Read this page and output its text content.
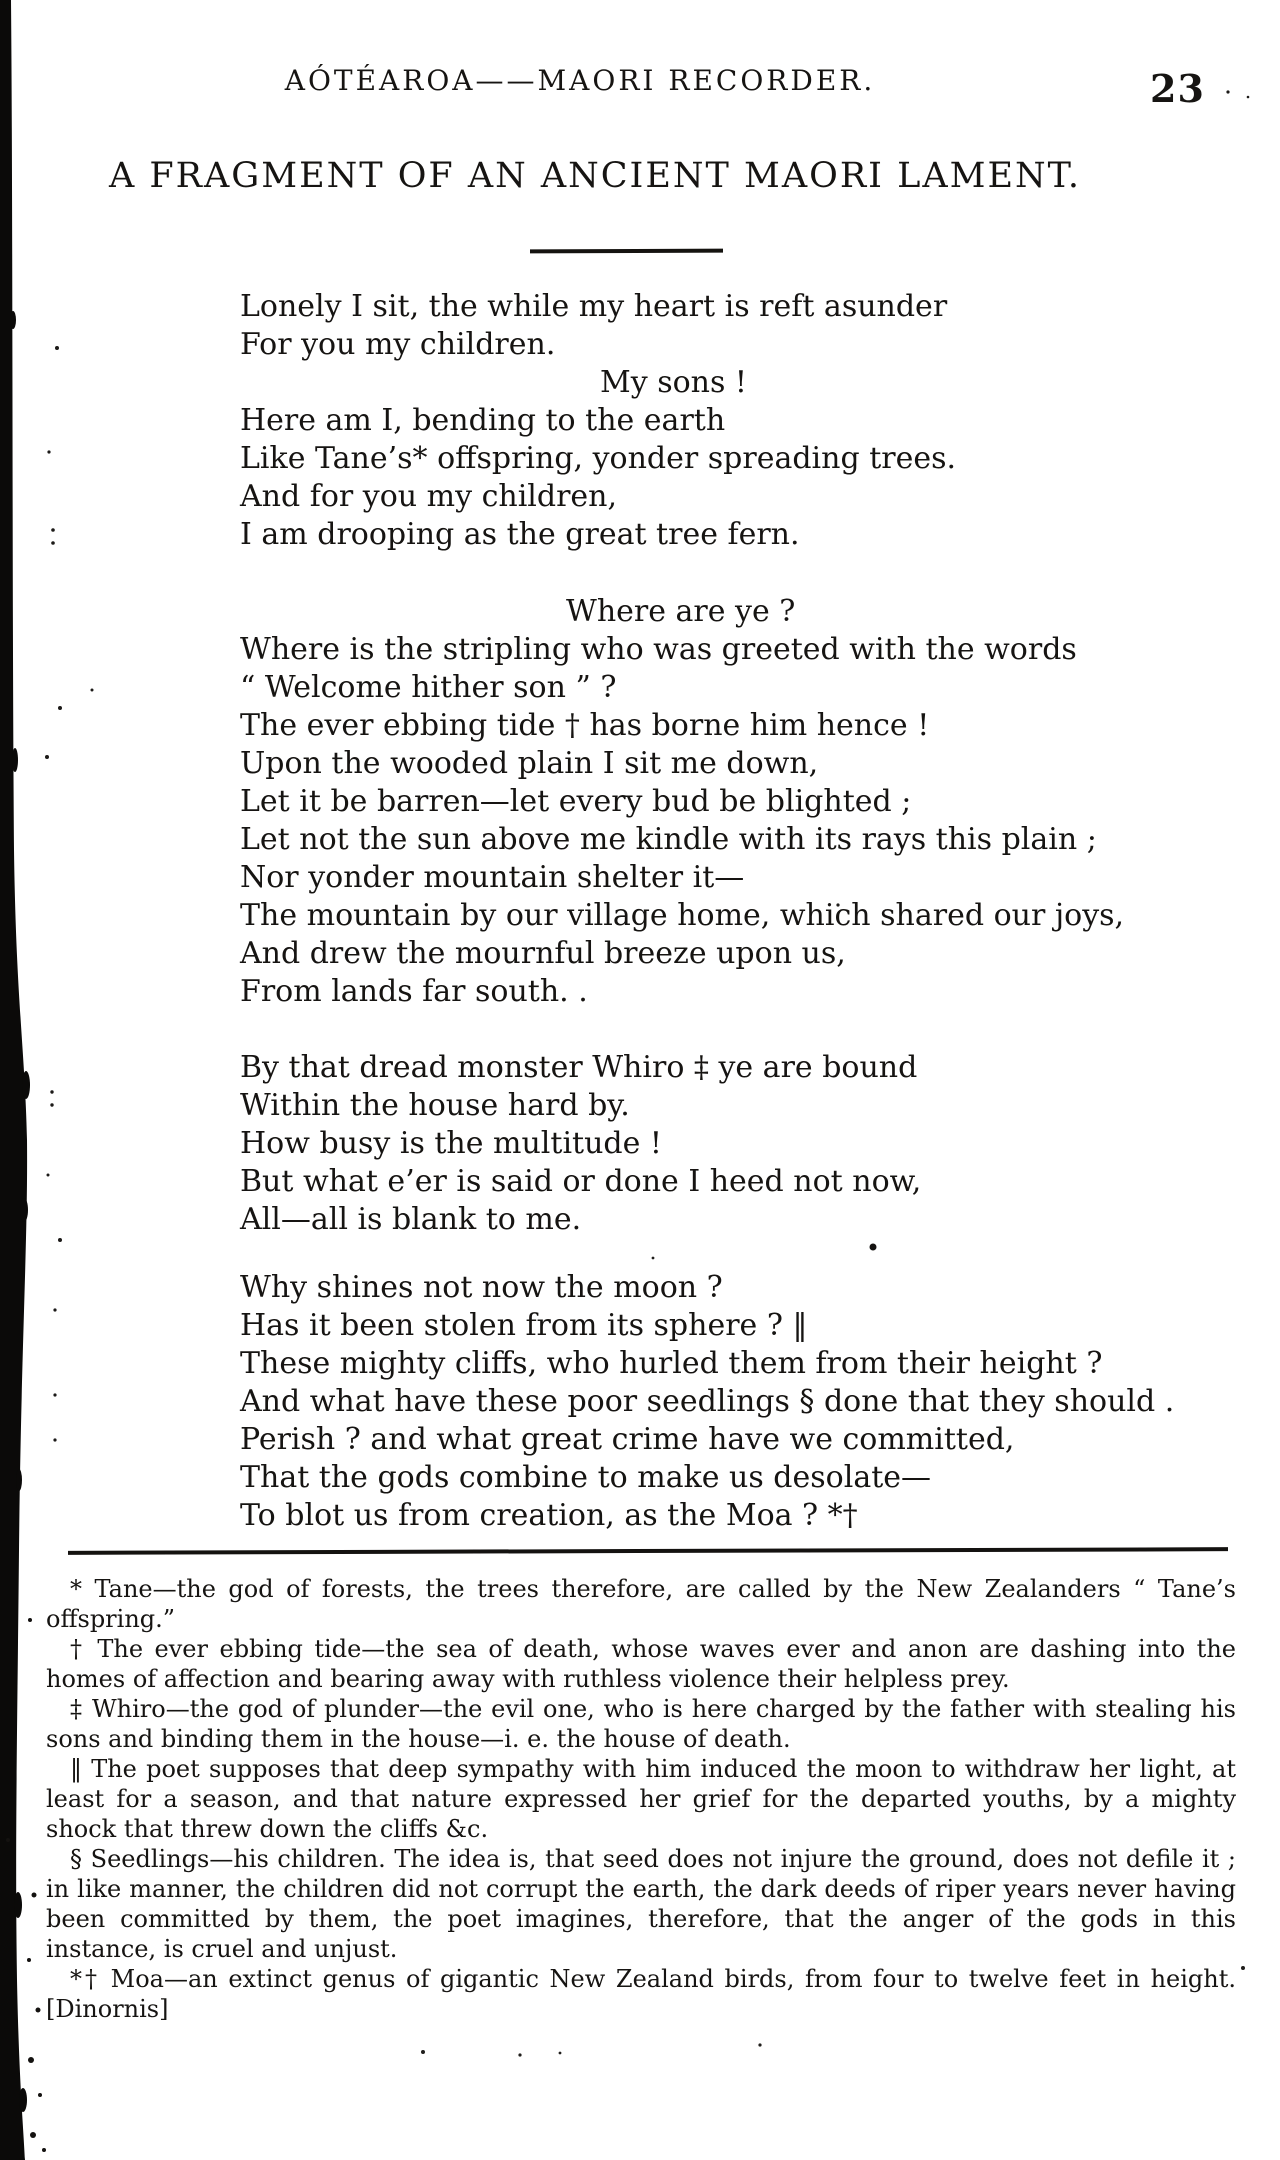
AÓTÉAROA——MAORI RECORDER.	23
A FRAGMENT OF AN ANCIENT MAORI LAMENT.
Lonely I sit, the while my heart is reft asunder
For you my children.
My sons !
Here am I, bending to the earth
Like Tane’s* offspring, yonder spreading trees.
And for you my children,
I am drooping as the great tree fern.
Where are ye ?
Where is the stripling who was greeted with the words
“ Welcome hither son ” ?
The ever ebbing tide † has borne him hence !
Upon the wooded plain I sit me down,
Let it be barren—let every bud be blighted ;
Let not the sun above me kindle with its rays this plain ;
Nor yonder mountain shelter it—
The mountain by our village home, which shared our joys,
And drew the mournful breeze upon us,
From lands far south. .
By that dread monster Whiro ‡ ye are bound
Within the house hard by.
How busy is the multitude !
But what e’er is said or done I heed not now,
All—all is blank to me.
Why shines not now the moon ?
Has it been stolen from its sphere ? ‖
These mighty cliffs, who hurled them from their height ?
And what have these poor seedlings § done that they should .
Perish ? and what great crime have we committed,
That the gods combine to make us desolate—
To blot us from creation, as the Moa ? *†

* Tane—the god of forests, the trees therefore, are called by the New Zealanders “ Tane’s offspring.”

† The ever ebbing tide—the sea of death, whose waves ever and anon are dashing into the homes of affection and bearing away with ruthless violence their helpless prey.

‡ Whiro—the god of plunder—the evil one, who is here charged by the father with stealing his sons and binding them in the house—i. e. the house of death.

‖ The poet supposes that deep sympathy with him induced the moon to withdraw her light, at least for a season, and that nature expressed her grief for the departed youths, by a mighty shock that threw down the cliffs &c.

§ Seedlings—his children. The idea is, that seed does not injure the ground, does not defile it ; in like manner, the children did not corrupt the earth, the dark deeds of riper years never having been committed by them, the poet imagines, therefore, that the anger of the gods in this instance, is cruel and unjust.

*† Moa—an extinct genus of gigantic New Zealand birds, from four to twelve feet in height. [Dinornis]
